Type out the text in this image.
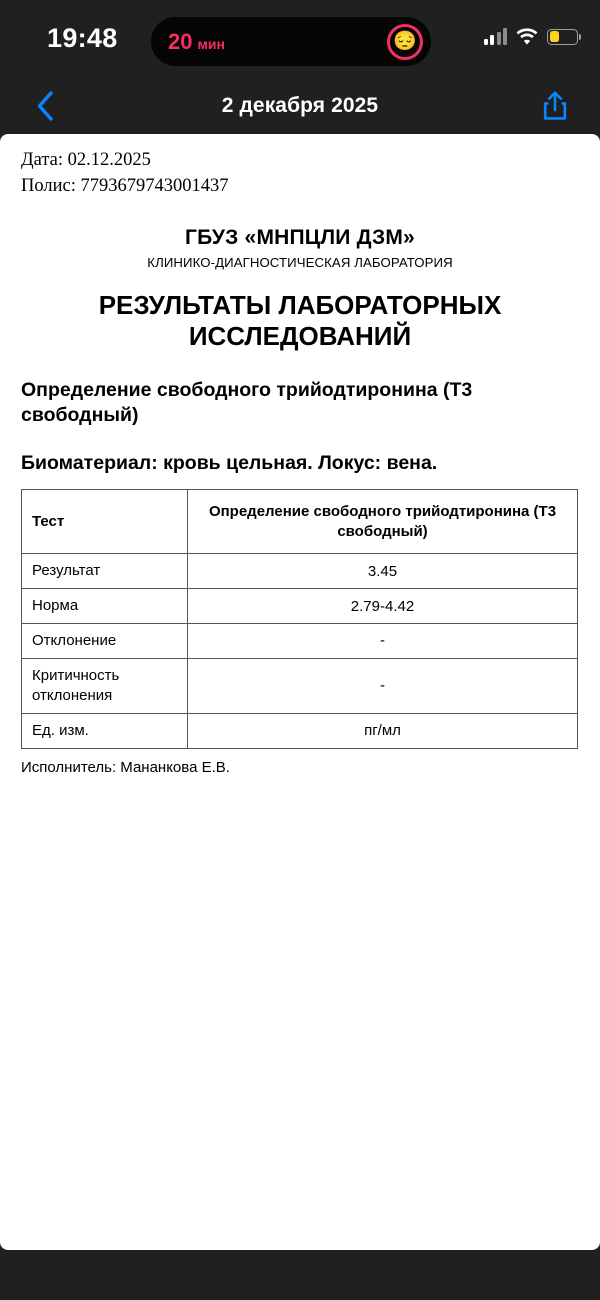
19:48 20 мин	😔
2 декабря 2025
Дата: 02.12.2025
Полис: 7793679743001437
ГБУЗ «МНПЦЛИ ДЗМ»
КЛИНИКО-ДИАГНОСТИЧЕСКАЯ ЛАБОРАТОРИЯ
РЕЗУЛЬТАТЫ ЛАБОРАТОРНЫХ ИССЛЕДОВАНИЙ
Определение свободного трийодтиронина (Т3 свободный)
Биоматериал: кровь цельная. Локус: вена.
Тест	Определение свободного трийодтиронина (Т3 свободный)
Результат	3.45
Норма	2.79-4.42
Отклонение	-
Критичность отклонения	-
Ед. изм.	пг/мл
Исполнитель: Мананкова Е.В.
